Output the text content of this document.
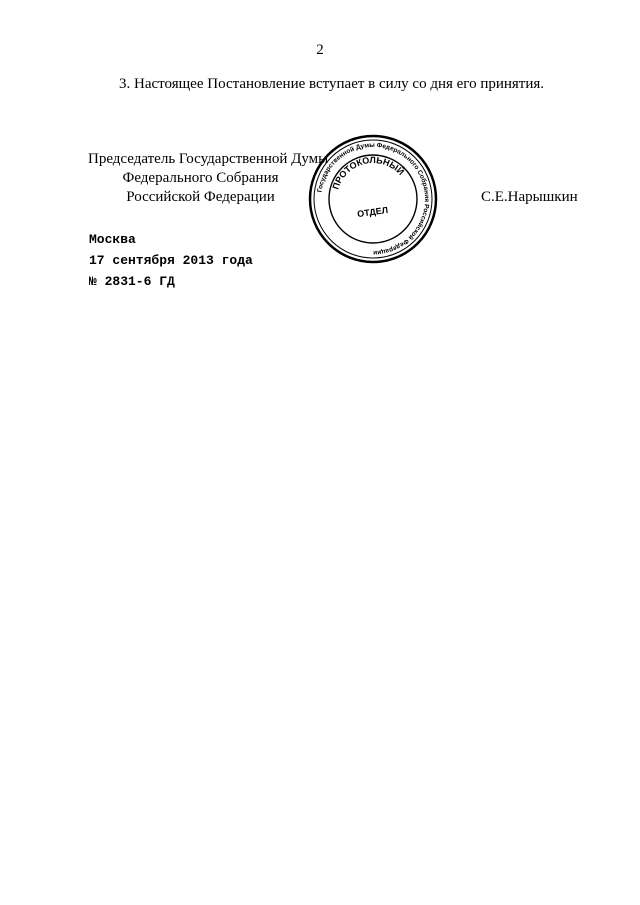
2
3. Настоящее Постановление вступает в силу со дня его принятия.
Председатель Государственной Думы
Федерального Собрания
Российской Федерации	Государственной Думы Федерального Собрания Российской Федерации
ПРОТОКОЛЬНЫЙ
ОТДЕЛ
С.Е.Нарышкин
Москва
17 сентября 2013 года
№ 2831-6 ГД
